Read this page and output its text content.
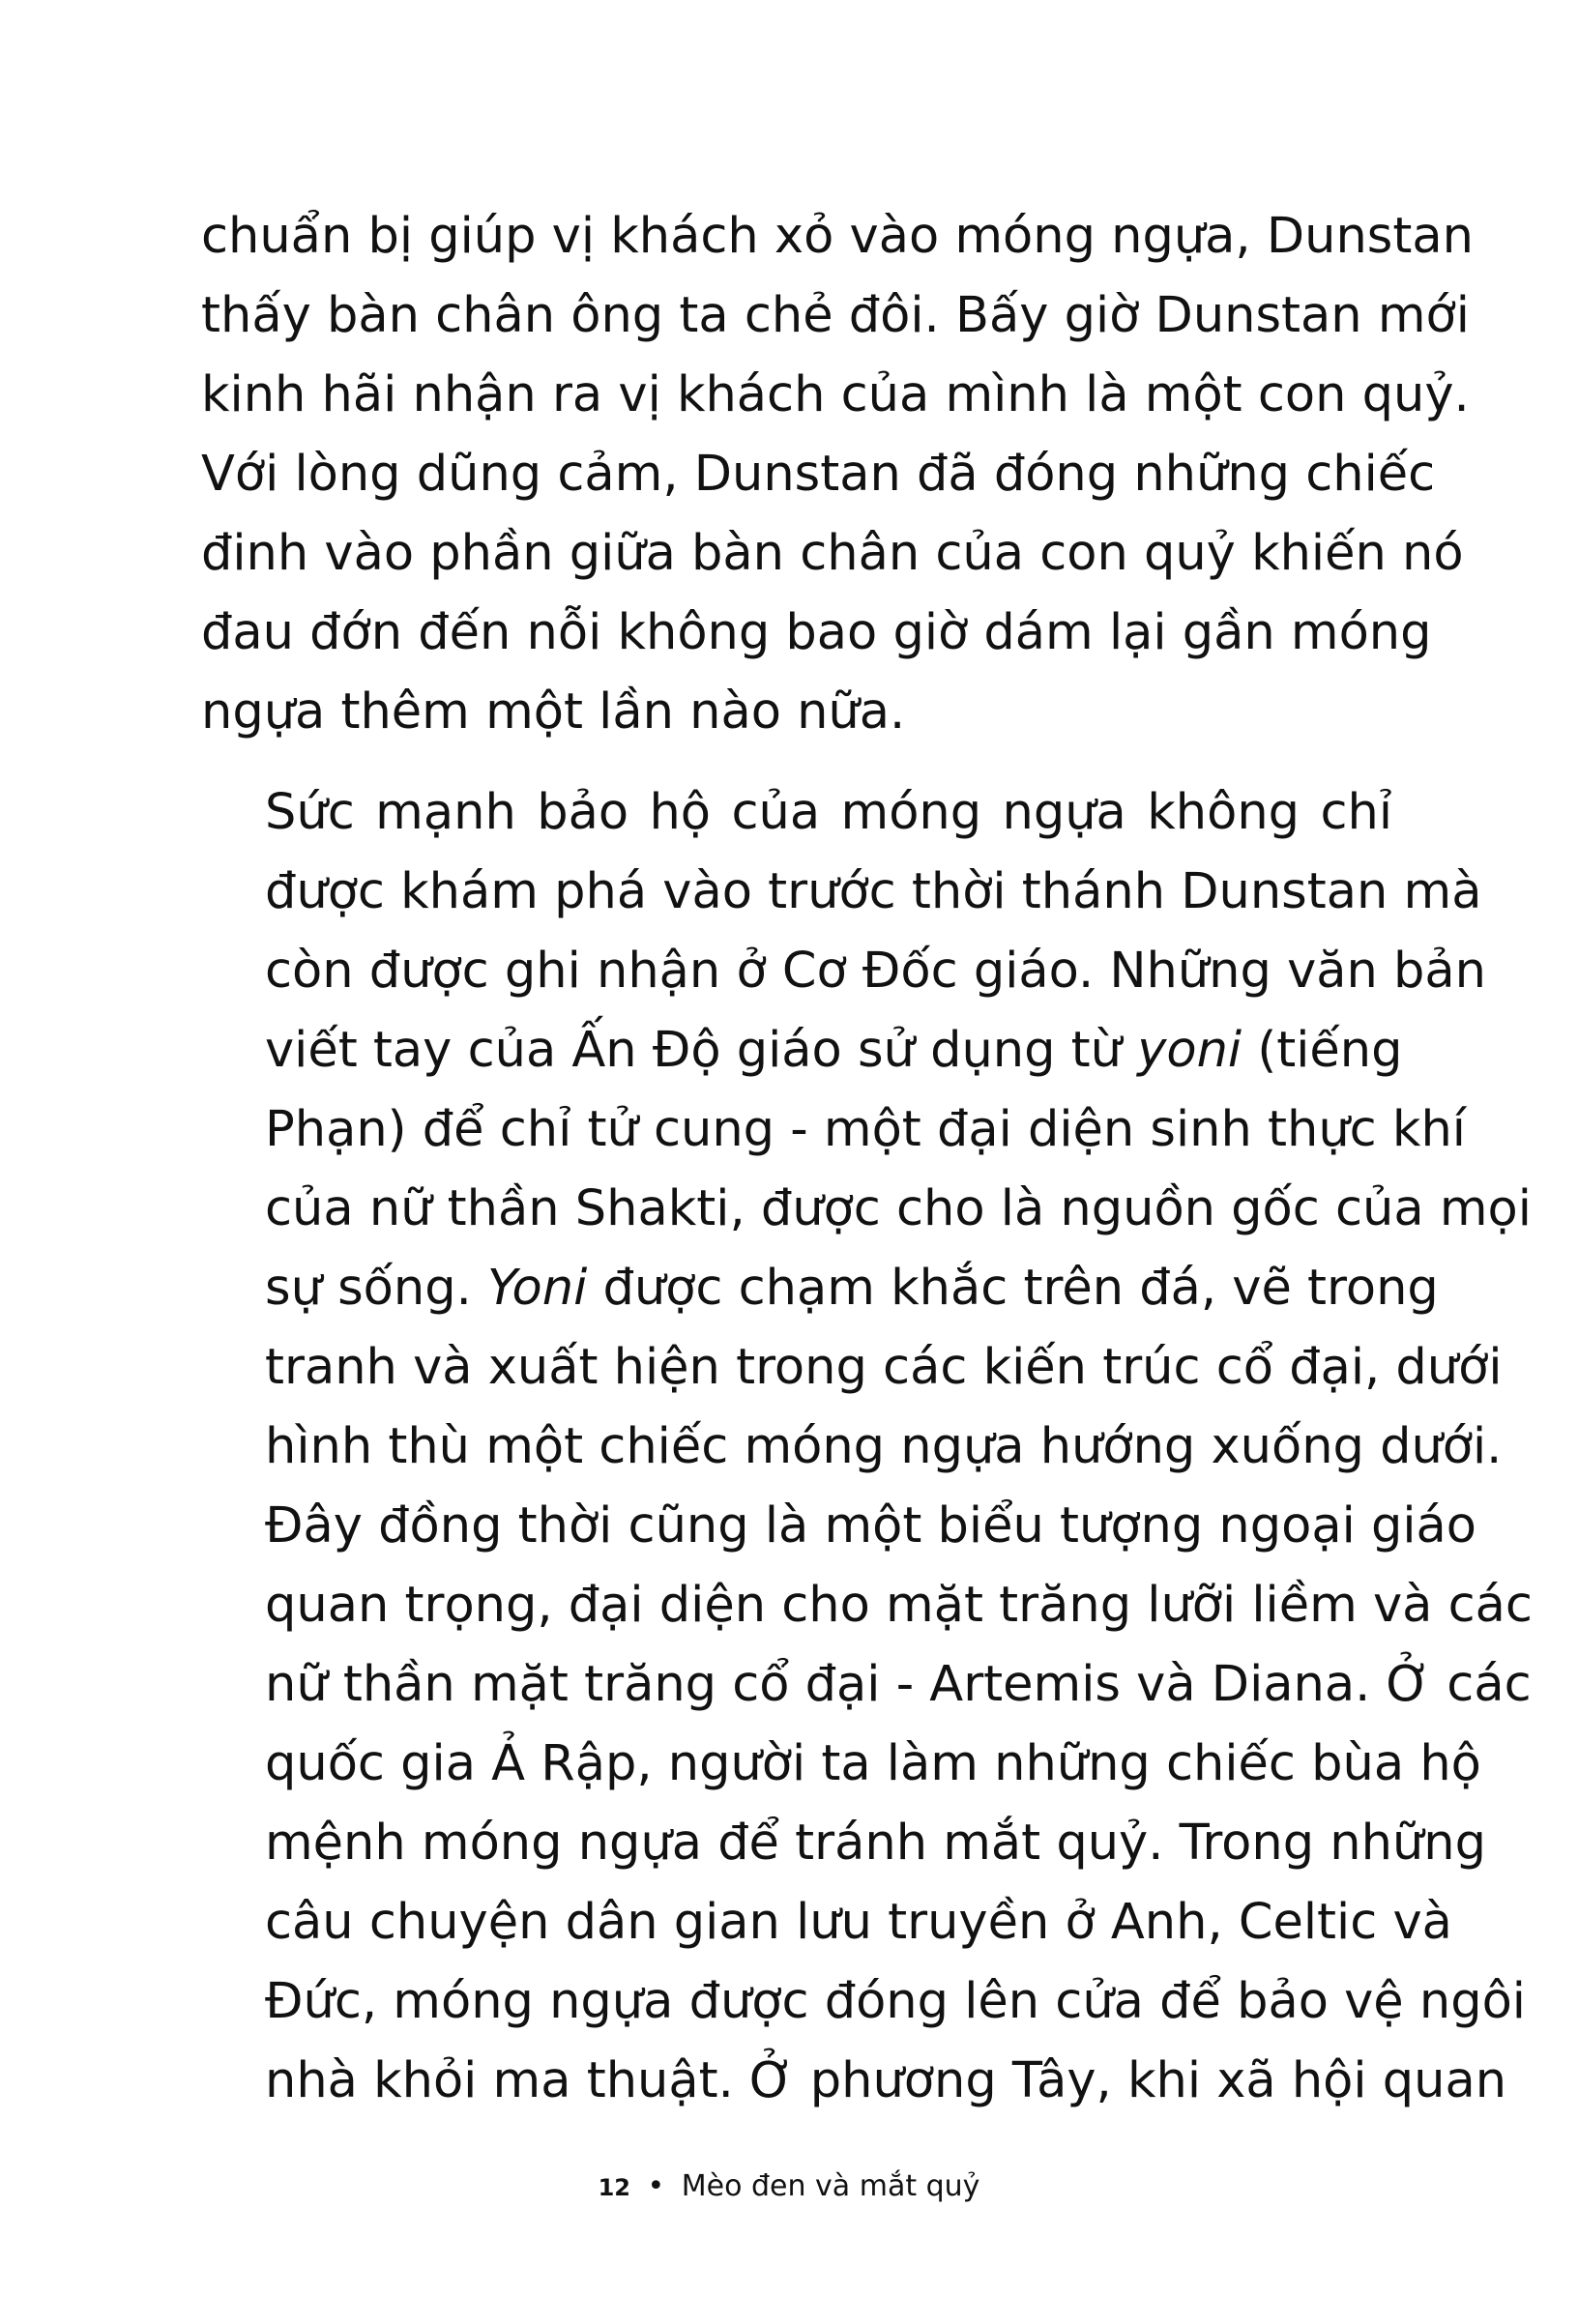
chuẩn bị giúp vị khách xỏ vào móng ngựa, Dunstan
thấy bàn chân ông ta chẻ đôi. Bấy giờ Dunstan mới
kinh hãi nhận ra vị khách của mình là một con quỷ.
Với lòng dũng cảm, Dunstan đã đóng những chiếc
đinh vào phần giữa bàn chân của con quỷ khiến nó
đau đớn đến nỗi không bao giờ dám lại gần móng
ngựa thêm một lần nào nữa.
Sức mạnh bảo hộ của móng ngựa không chỉ
được khám phá vào trước thời thánh Dunstan mà
còn được ghi nhận ở Cơ Đốc giáo. Những văn bản
viết tay của Ấn Độ giáo sử dụng từ yoni (tiếng
Phạn) để chỉ tử cung - một đại diện sinh thực khí
của nữ thần Shakti, được cho là nguồn gốc của mọi
sự sống. Yoni được chạm khắc trên đá, vẽ trong
tranh và xuất hiện trong các kiến trúc cổ đại, dưới
hình thù một chiếc móng ngựa hướng xuống dưới.
Đây đồng thời cũng là một biểu tượng ngoại giáo
quan trọng, đại diện cho mặt trăng lưỡi liềm và các
nữ thần mặt trăng cổ đại - Artemis và Diana. Ở các
quốc gia Ả Rập, người ta làm những chiếc bùa hộ
mệnh móng ngựa để tránh mắt quỷ. Trong những
câu chuyện dân gian lưu truyền ở Anh, Celtic và
Đức, móng ngựa được đóng lên cửa để bảo vệ ngôi
nhà khỏi ma thuật. Ở phương Tây, khi xã hội quan
12 • Mèo đen và mắt quỷ
